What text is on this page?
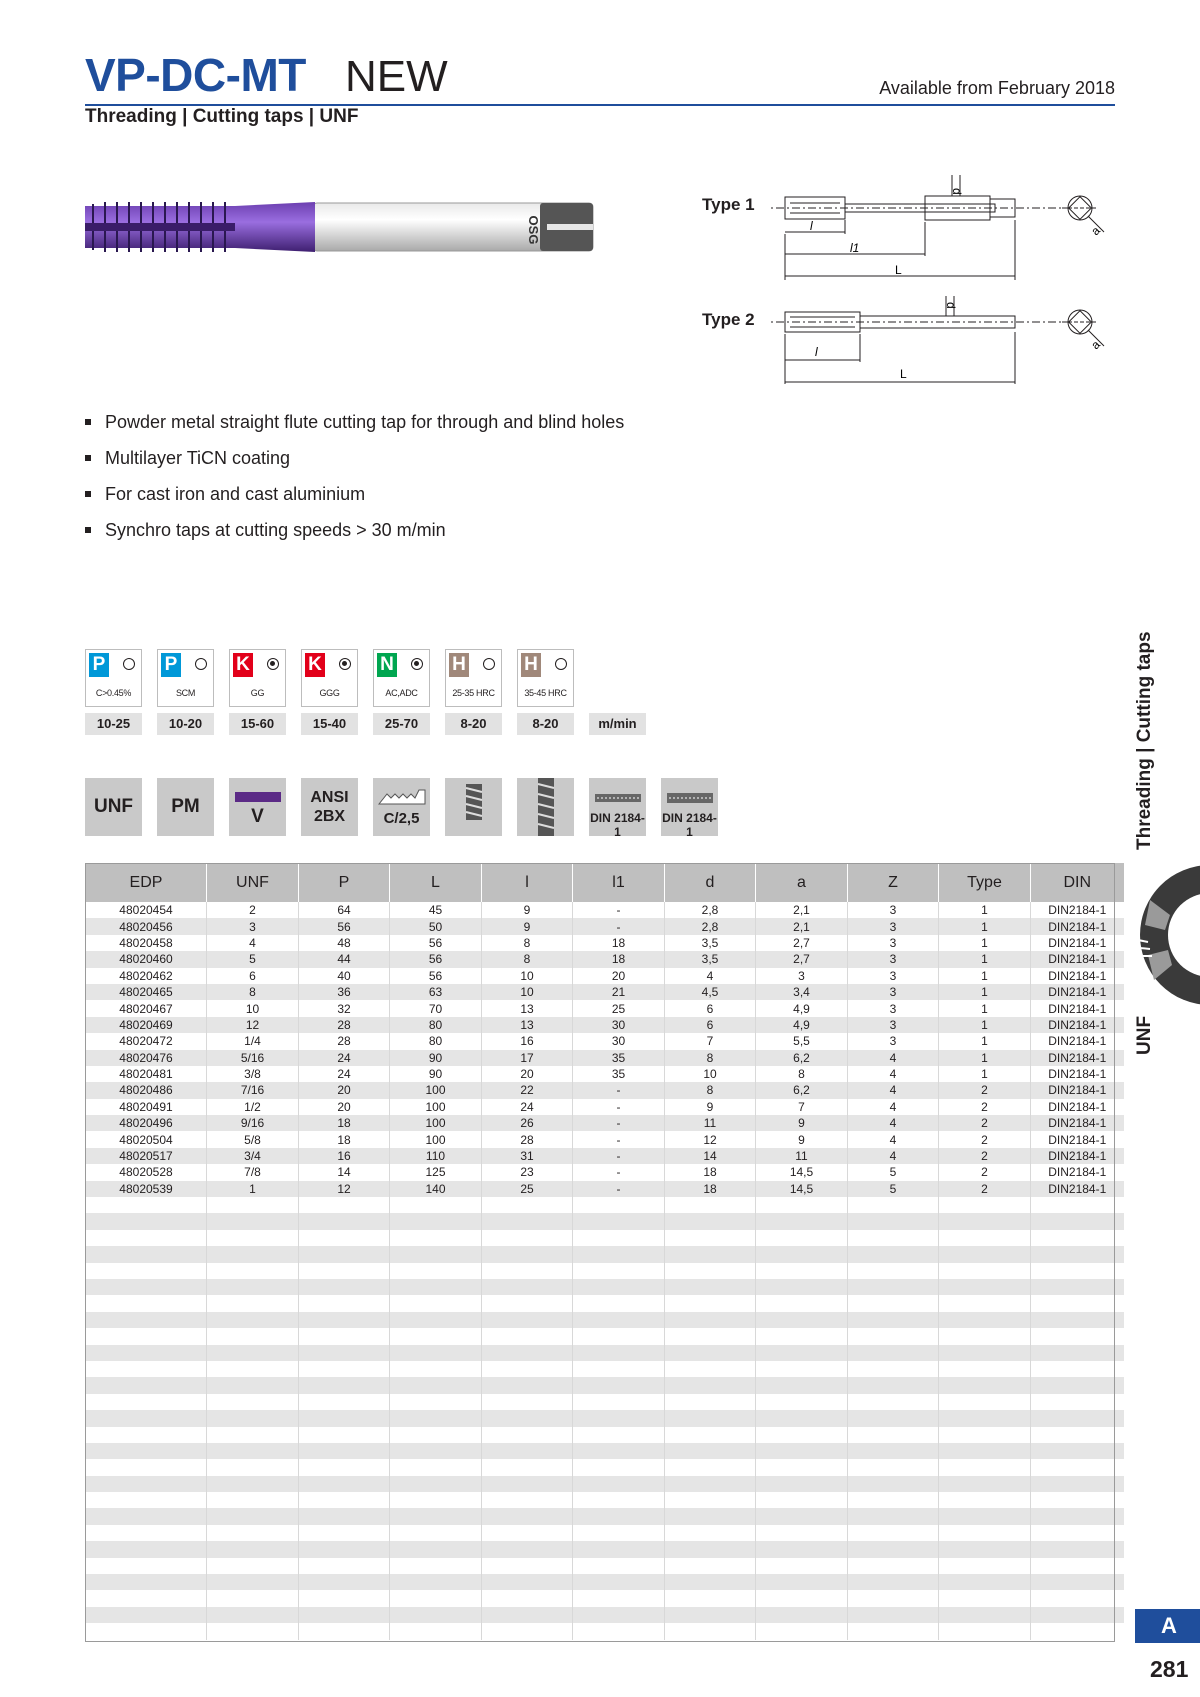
VP-DC-MT NEW	Available from February 2018
Threading | Cutting taps | UNF
OSG
Type 1
l
l1
L
d
a
Type 2
l
L
d
a
Powder metal straight flute cutting tap for through and blind holes
Multilayer TiCN coating
For cast iron and cast aluminium
Synchro taps at cutting speeds > 30 m/min
P
C>0.45%
10-25
P
SCM
10-20
K
GG
15-60
K
GGG
15-40
N
AC,ADC
25-70
H
25-35 HRC
8-20
H
35-45 HRC
8-20	m/min
UNF	PM	V
ANSI
2BX	C/2,5	DIN 2184-1
DIN 2184-1
EDP	UNF	P	L	l	l1	d	a	Z	Type	DIN
48020454	2	64	45	9	-	2,8	2,1	3	1	DIN2184-1
48020456	3	56	50	9	-	2,8	2,1	3	1	DIN2184-1
48020458	4	48	56	8	18	3,5	2,7	3	1	DIN2184-1
48020460	5	44	56	8	18	3,5	2,7	3	1	DIN2184-1
48020462	6	40	56	10	20	4	3	3	1	DIN2184-1
48020465	8	36	63	10	21	4,5	3,4	3	1	DIN2184-1
48020467	10	32	70	13	25	6	4,9	3	1	DIN2184-1
48020469	12	28	80	13	30	6	4,9	3	1	DIN2184-1
48020472	1/4	28	80	16	30	7	5,5	3	1	DIN2184-1
48020476	5/16	24	90	17	35	8	6,2	4	1	DIN2184-1
48020481	3/8	24	90	20	35	10	8	4	1	DIN2184-1
48020486	7/16	20	100	22	-	8	6,2	4	2	DIN2184-1
48020491	1/2	20	100	24	-	9	7	4	2	DIN2184-1
48020496	9/16	18	100	26	-	11	9	4	2	DIN2184-1
48020504	5/8	18	100	28	-	12	9	4	2	DIN2184-1
48020517	3/4	16	110	31	-	14	11	4	2	DIN2184-1
48020528	7/8	14	125	23	-	18	14,5	5	2	DIN2184-1
48020539	1	12	140	25	-	18	14,5	5	2	DIN2184-1

Threading | Cutting taps
UNF
A
281
